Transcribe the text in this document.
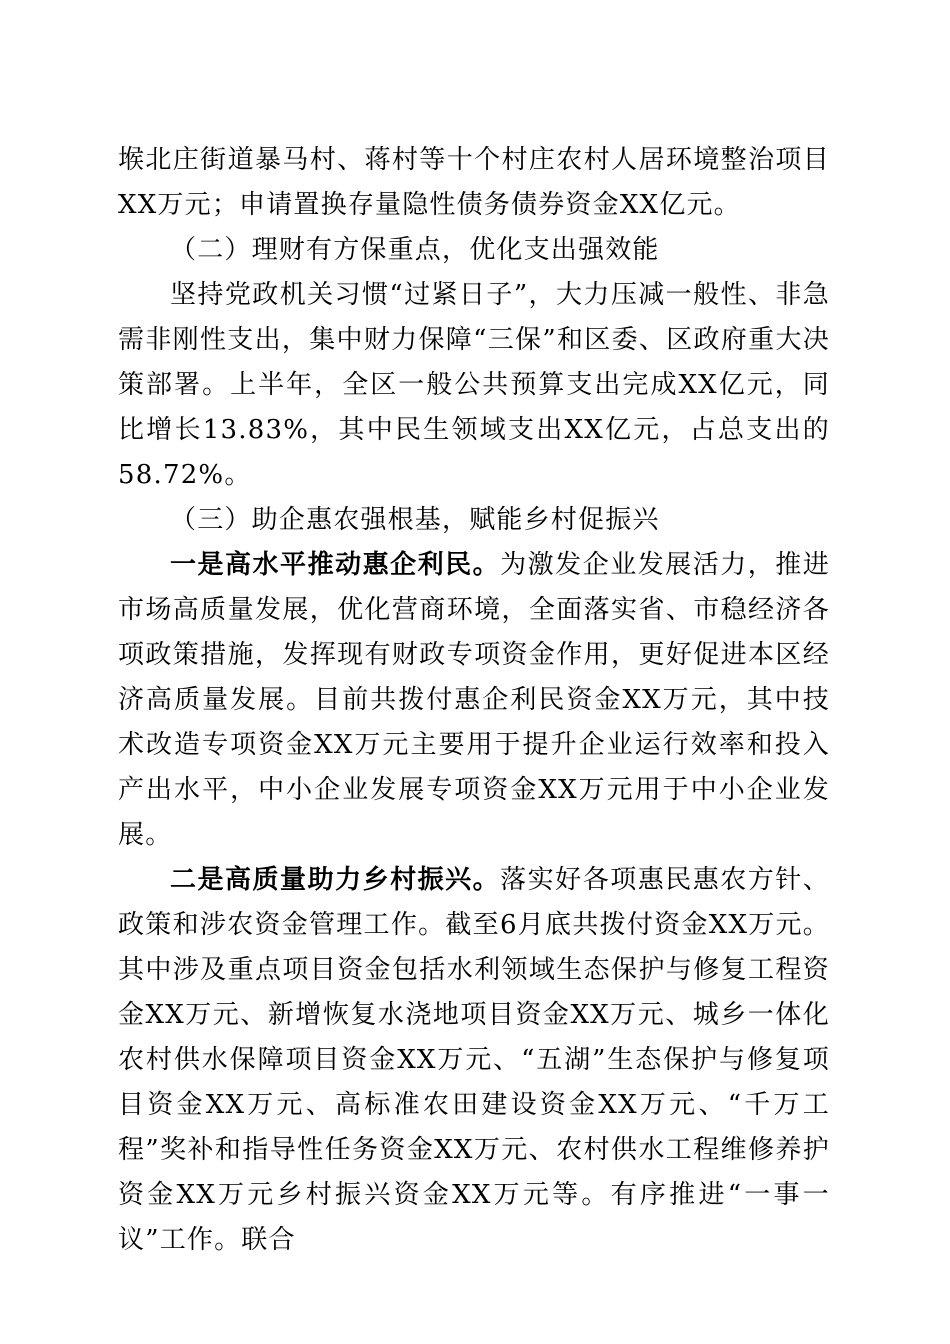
堠北庄街道暴马村、蒋村等十个村庄农村人居环境整治项目XX万元；申请置换存量隐性债务债券资金XX亿元。

（二）理财有方保重点，优化支出强效能

坚持党政机关习惯“过紧日子”，大力压减一般性、非急需非刚性支出，集中财力保障“三保”和区委、区政府重大决策部署。上半年，全区一般公共预算支出完成XX亿元，同比增长13.83%，其中民生领域支出XX亿元，占总支出的58.72%。

（三）助企惠农强根基，赋能乡村促振兴

一是高水平推动惠企利民。为激发企业发展活力，推进市场高质量发展，优化营商环境，全面落实省、市稳经济各项政策措施，发挥现有财政专项资金作用，更好促进本区经济高质量发展。目前共拨付惠企利民资金XX万元，其中技术改造专项资金XX万元主要用于提升企业运行效率和投入产出水平，中小企业发展专项资金XX万元用于中小企业发展。

二是高质量助力乡村振兴。落实好各项惠民惠农方针、政策和涉农资金管理工作。截至6月底共拨付资金XX万元。其中涉及重点项目资金包括水利领域生态保护与修复工程资金XX万元、新增恢复水浇地项目资金XX万元、城乡一体化农村供水保障项目资金XX万元、“五湖”生态保护与修复项目资金XX万元、高标准农田建设资金XX万元、“千万工程”奖补和指导性任务资金XX万元、农村供水工程维修养护资金XX万元乡村振兴资金XX万元等。有序推进“一事一议”工作。联合
